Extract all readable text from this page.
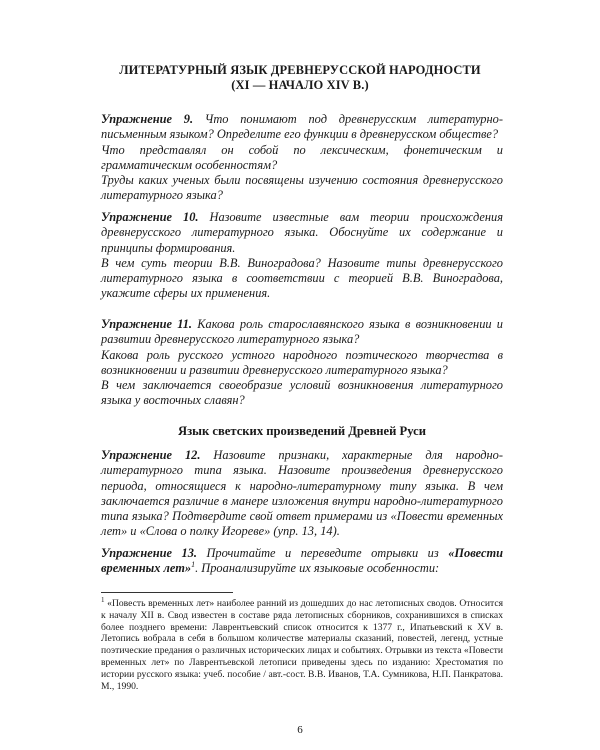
ЛИТЕРАТУРНЫЙ ЯЗЫК ДРЕВНЕРУССКОЙ НАРОДНОСТИ
(XI — НАЧАЛО XIV В.)

Упражнение 9. Что понимают под древнерусским литературно-письменным языком? Определите его функции в древнерусском обществе?

Что представлял он собой по лексическим, фонетическим и грамматическим особенностям?

Труды каких ученых были посвящены изучению состояния древнерусского литературного языка?

Упражнение 10. Назовите известные вам теории происхождения древнерусского литературного языка. Обоснуйте их содержание и принципы формирования.

В чем суть теории В.В. Виноградова? Назовите типы древнерусского литературного языка в соответствии с теорией В.В. Виноградова, укажите сферы их применения.

Упражнение 11. Какова роль старославянского языка в возникновении и развитии древнерусского литературного языка?

Какова роль русского устного народного поэтического творчества в возникновении и развитии древнерусского литературного языка?

В чем заключается своеобразие условий возникновения литературного языка у восточных славян?

Язык светских произведений Древней Руси

Упражнение 12. Назовите признаки, характерные для народно-литературного типа языка. Назовите произведения древнерусского периода, относящиеся к народно-литературному типу языка. В чем заключается различие в манере изложения внутри народно-литературного типа языка? Подтвердите свой ответ примерами из «Повести временных лет» и «Слова о полку Игореве» (упр. 13, 14).

Упражнение 13. Прочитайте и переведите отрывки из «Повести временных лет»$^1$. Проанализируйте их языковые особенности:

$^1$ «Повесть временных лет» наиболее ранний из дошедших до нас летописных сводов. Относится к началу XII в. Свод известен в составе ряда летописных сборников, сохранившихся в списках более позднего времени: Лаврентьевский список относится к 1377 г., Ипатьевский к XV в. Летопись вобрала в себя в большом количестве материалы сказаний, повестей, легенд, устные поэтические предания о различных исторических лицах и событиях. Отрывки из текста «Повести временных лет» по Лаврентьевской летописи приведены здесь по изданию: Хрестоматия по истории русского языка: учеб. пособие / авт.-сост. В.В. Иванов, Т.А. Сумникова, Н.П. Панкратова. М., 1990.
6
